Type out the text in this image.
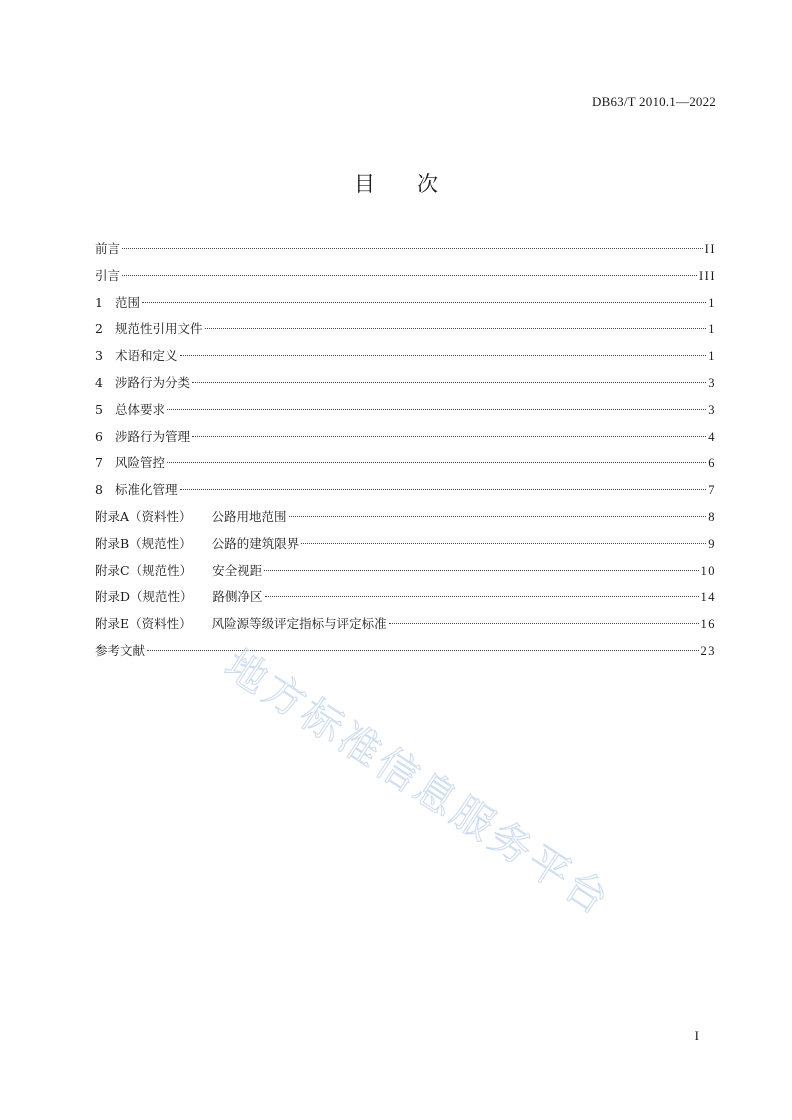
DB63/T 2010.1—2022
目 次
前言	II
引言	III
1 范围	1
2 规范性引用文件	1
3 术语和定义	1
4 涉路行为分类	3
5 总体要求	3
6 涉路行为管理	4
7 风险管控	6
8 标准化管理	7
附录A（资料性） 公路用地范围	8
附录B（规范性） 公路的建筑限界	9
附录C（规范性） 安全视距	10
附录D（规范性） 路侧净区	14
附录E（资料性） 风险源等级评定指标与评定标准	16
参考文献	23
地方标准信息服务平台
I
